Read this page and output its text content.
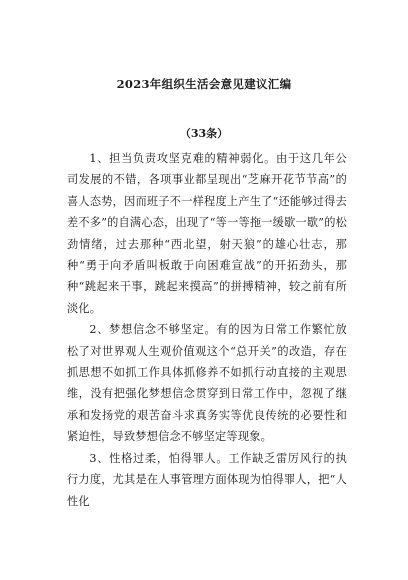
2023年组织生活会意见建议汇编
（33条）

1、担当负责攻坚克难的精神弱化。由于这几年公司发展的不错，各项事业都呈现出“芝麻开花节节高”的喜人态势，因而班子不一样程度上产生了“还能够过得去差不多”的自满心态，出现了“等一等拖一缓歇一歇”的松劲情绪，过去那种“西北望，射天狼”的雄心壮志，那种“勇于向矛盾叫板敢于向困难宣战”的开拓劲头，那种“跳起来干事，跳起来摸高”的拼搏精神，较之前有所淡化。

2、梦想信念不够坚定。有的因为日常工作繁忙放松了对世界观人生观价值观这个“总开关”的改造，存在抓思想不如抓工作具体抓修养不如抓行动直接的主观思维，没有把强化梦想信念贯穿到日常工作中，忽视了继承和发扬党的艰苦奋斗求真务实等优良传统的必要性和紧迫性，导致梦想信念不够坚定等现象。

3、性格过柔，怕得罪人。工作缺乏雷厉风行的执行力度，尤其是在人事管理方面体现为怕得罪人，把“人性化
